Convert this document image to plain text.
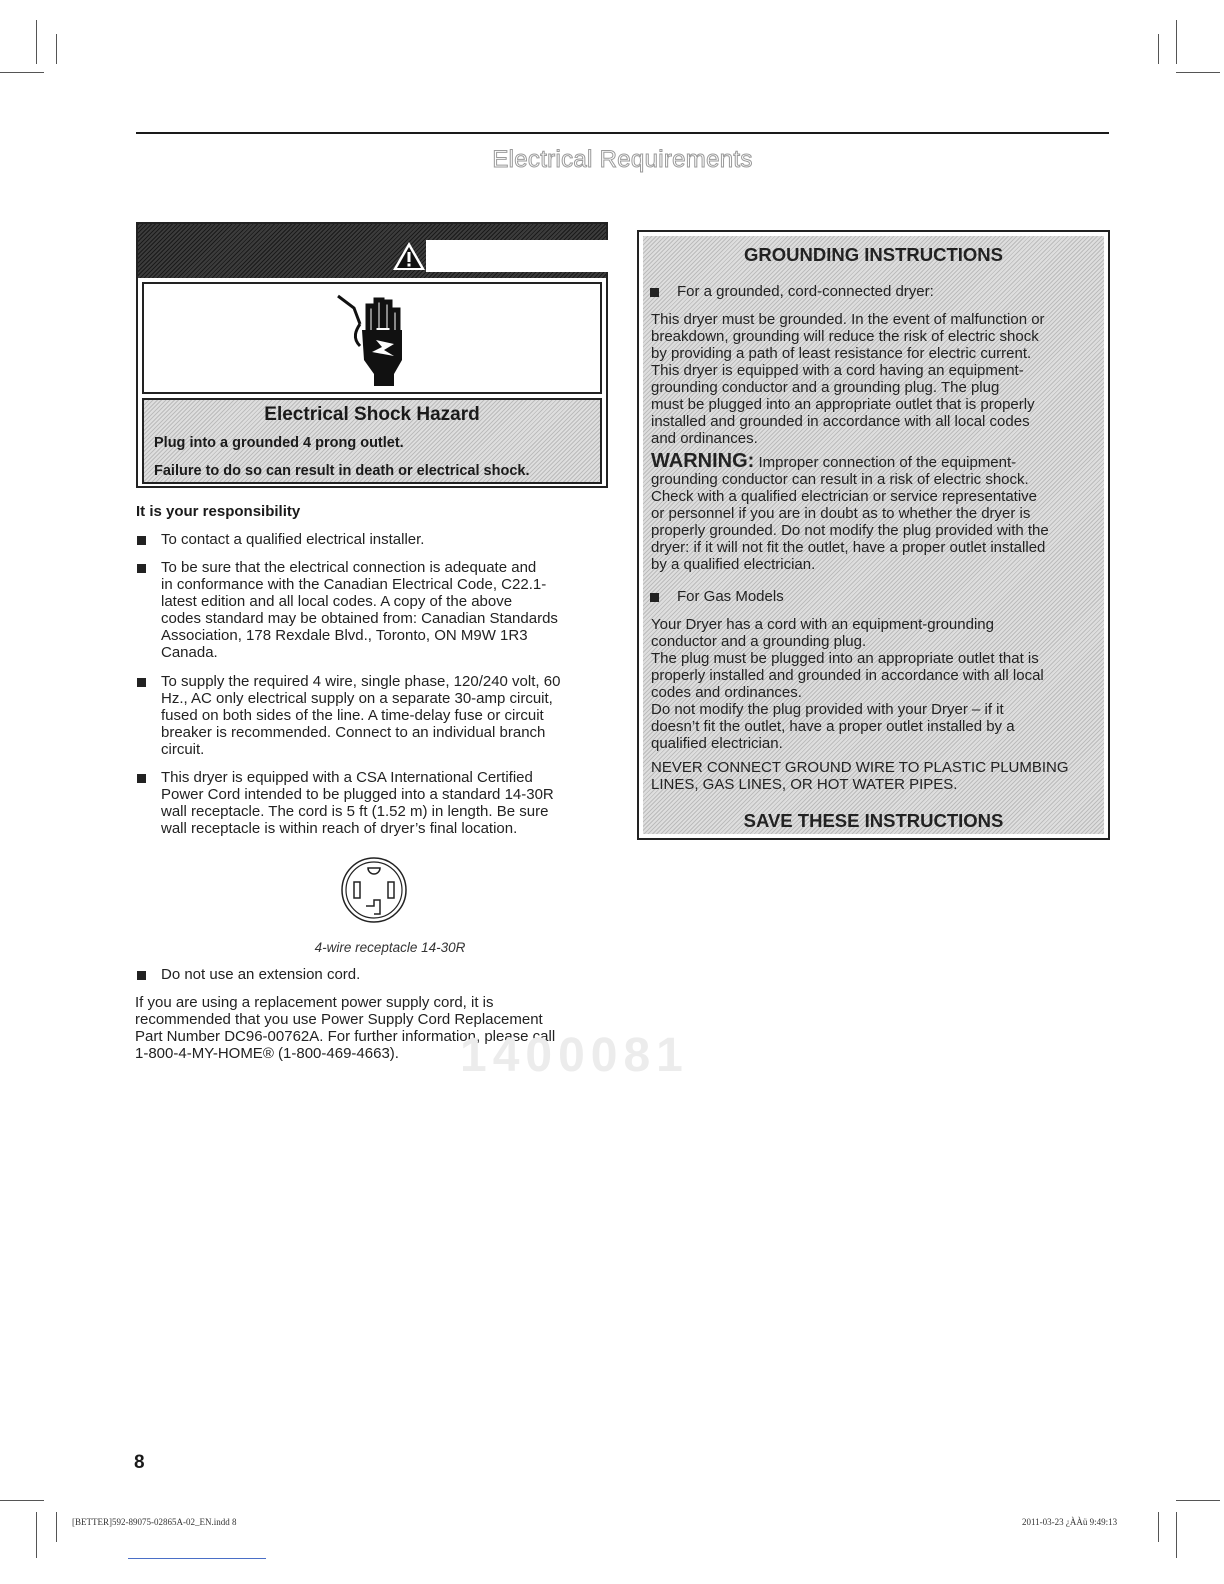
Electrical Requirements
Electrical Shock Hazard
Plug into a grounded 4 prong outlet.
Failure to do so can result in death or electrical shock.
It is your responsibility
To contact a qualified electrical installer.
To be sure that the electrical connection is adequate and
in conformance with the Canadian Electrical Code, C22.1-
latest edition and all local codes. A copy of the above
codes standard may be obtained from: Canadian Standards
Association, 178 Rexdale Blvd., Toronto, ON M9W 1R3
Canada.
To supply the required 4 wire, single phase, 120/240 volt, 60
Hz., AC only electrical supply on a separate 30-amp circuit,
fused on both sides of the line. A time-delay fuse or circuit
breaker is recommended. Connect to an individual branch
circuit.
This dryer is equipped with a CSA International Certified
Power Cord intended to be plugged into a standard 14-30R
wall receptacle. The cord is 5 ft (1.52 m) in length. Be sure
wall receptacle is within reach of dryer’s final location.
4-wire receptacle 14-30R
Do not use an extension cord.
If you are using a replacement power supply cord, it is
recommended that you use Power Supply Cord Replacement
Part Number DC96-00762A. For further information, please call
1-800-4-MY-HOME® (1-800-469-4663).	1400081
GROUNDING INSTRUCTIONS
For a grounded, cord-connected dryer:
This dryer must be grounded. In the event of malfunction or
breakdown, grounding will reduce the risk of electric shock
by providing a path of least resistance for electric current.
This dryer is equipped with a cord having an equipment-
grounding conductor and a grounding plug. The plug
must be plugged into an appropriate outlet that is properly
installed and grounded in accordance with all local codes
and ordinances.
WARNING: Improper connection of the equipment-
grounding conductor can result in a risk of electric shock.
Check with a qualified electrician or service representative
or personnel if you are in doubt as to whether the dryer is
properly grounded. Do not modify the plug provided with the
dryer: if it will not fit the outlet, have a proper outlet installed
by a qualified electrician.
For Gas Models
Your Dryer has a cord with an equipment-grounding
conductor and a grounding plug.
The plug must be plugged into an appropriate outlet that is
properly installed and grounded in accordance with all local
codes and ordinances.
Do not modify the plug provided with your Dryer – if it
doesn’t fit the outlet, have a proper outlet installed by a
qualified electrician.
NEVER CONNECT GROUND WIRE TO PLASTIC PLUMBING
LINES, GAS LINES, OR HOT WATER PIPES.
SAVE THESE INSTRUCTIONS
8
[BETTER]592-89075-02865A-02_EN.indd 8	2011-03-23 ¿ÀÀü 9:49:13
